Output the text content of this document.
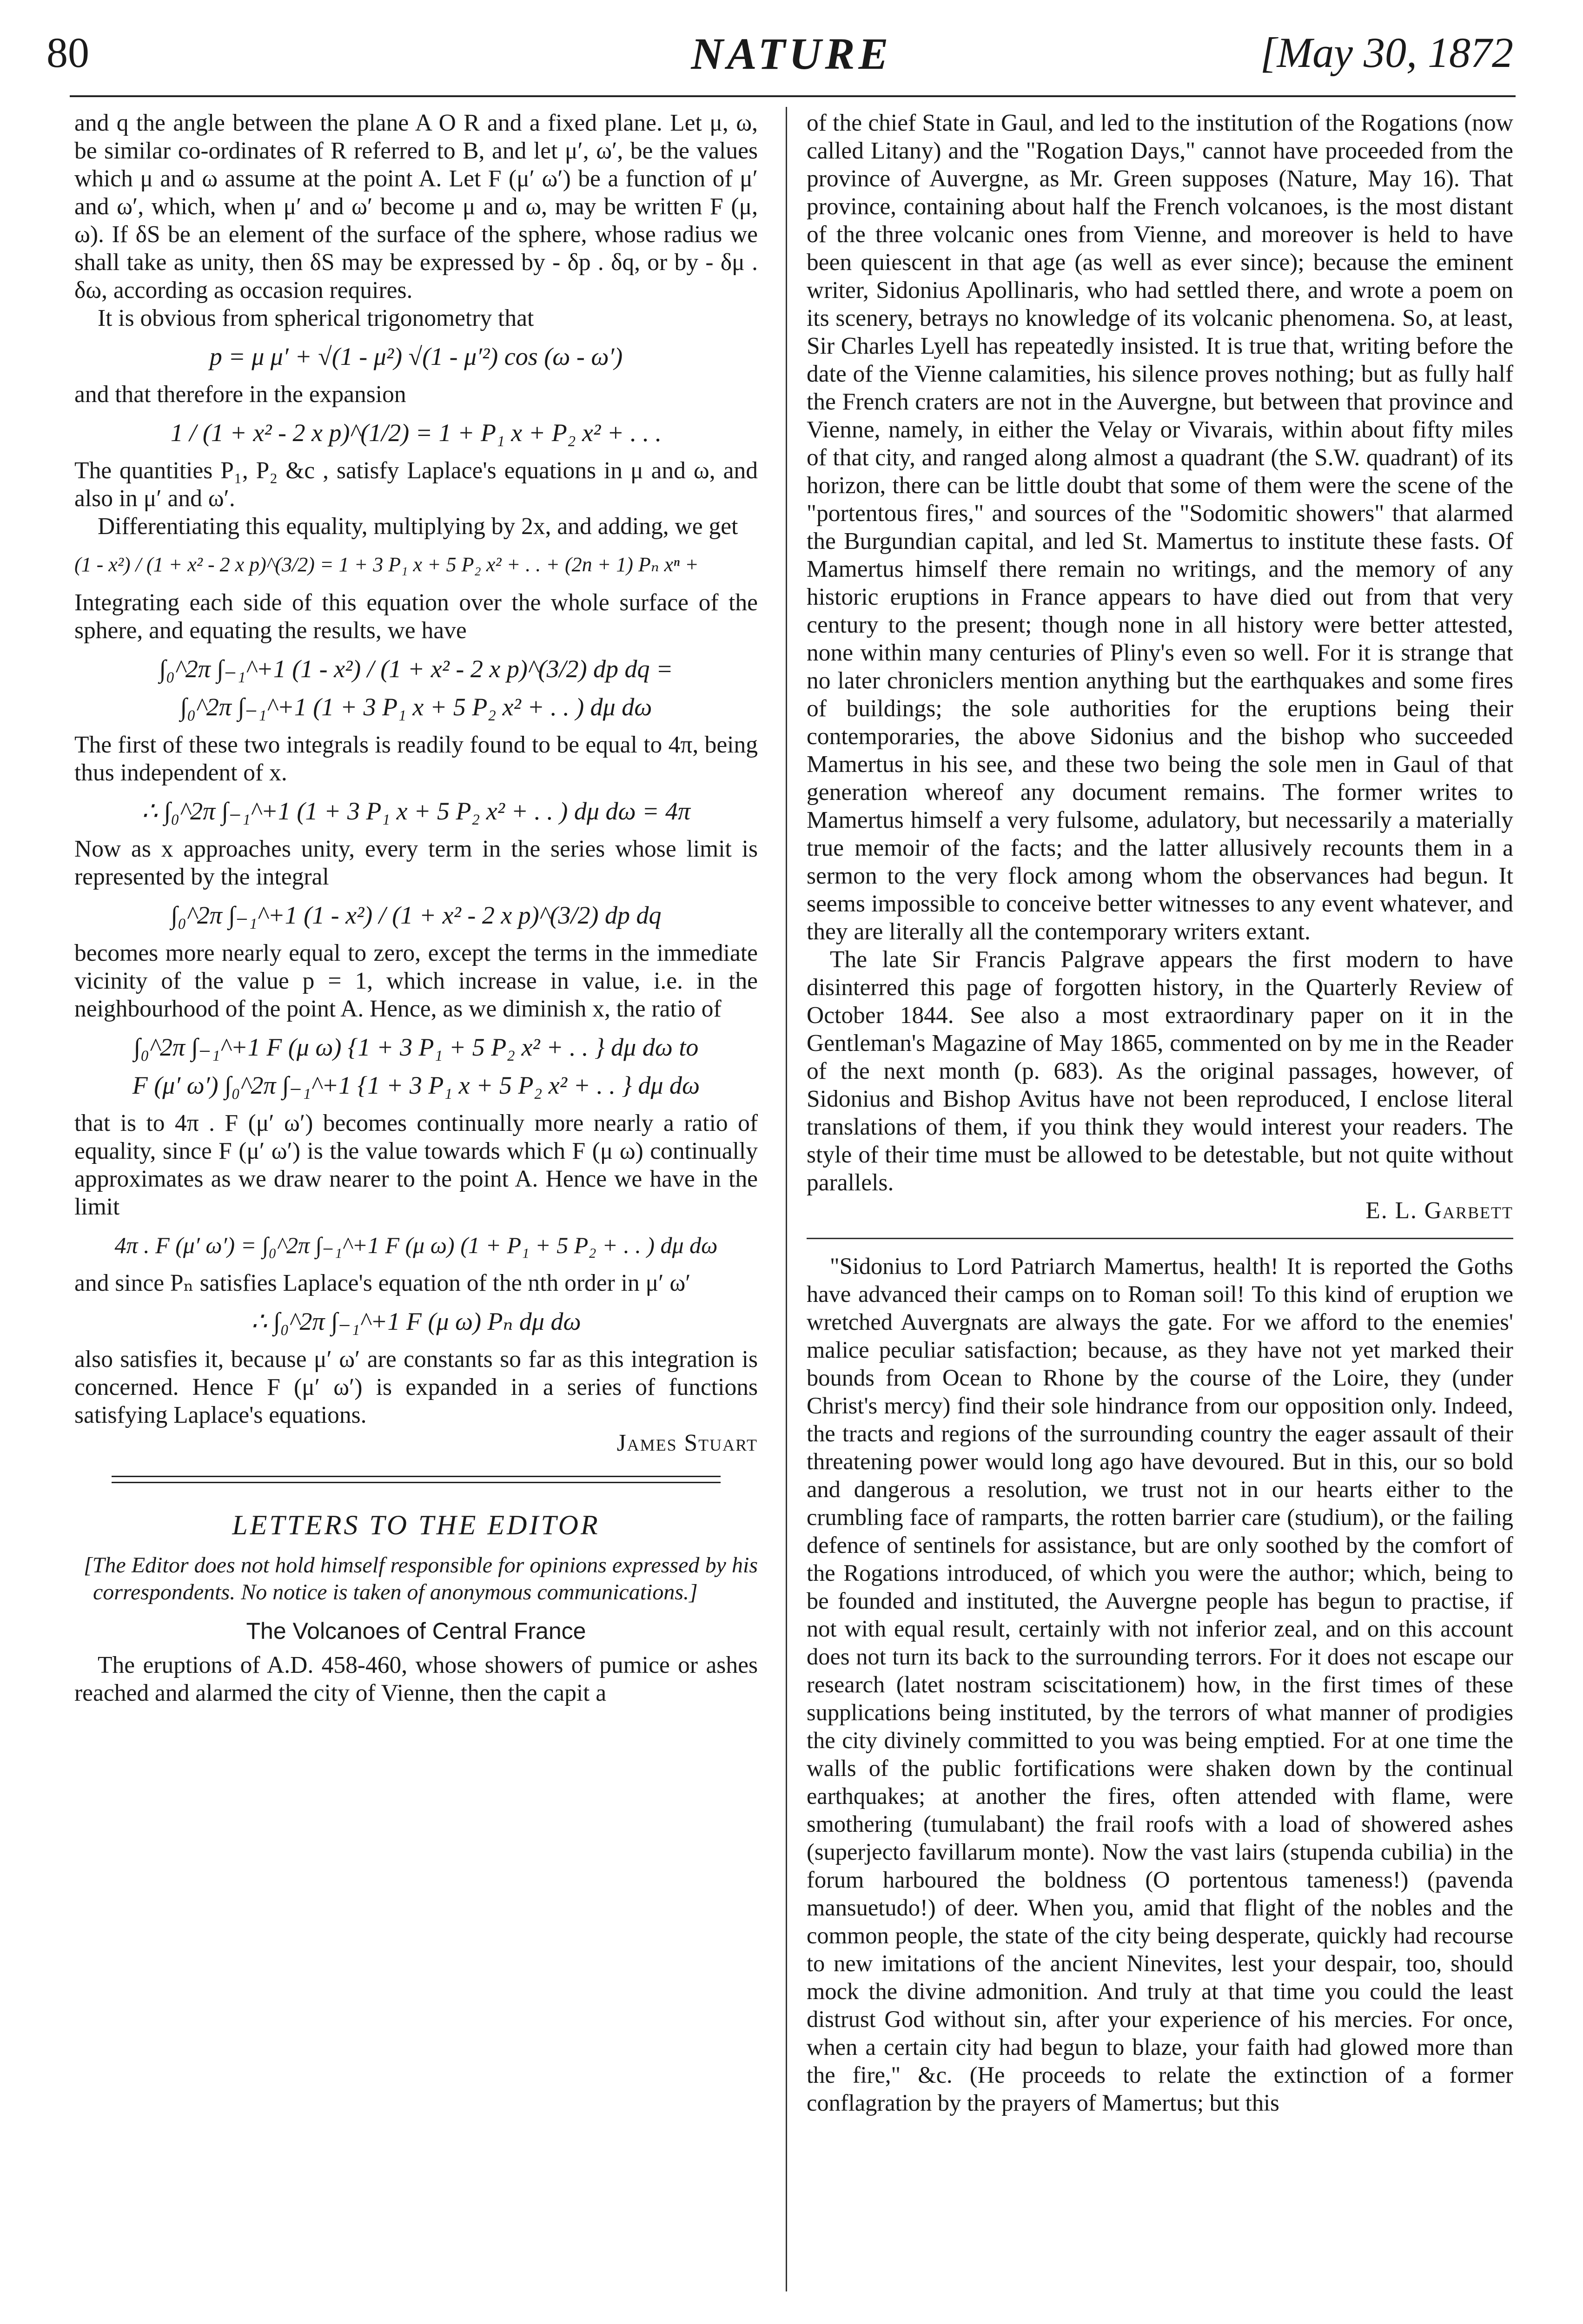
80	NATURE	[May 30, 1872

and q the angle between the plane A O R and a fixed plane. Let μ, ω, be similar co-ordinates of R referred to B, and let μ′, ω′, be the values which μ and ω assume at the point A. Let F (μ′ ω′) be a function of μ′ and ω′, which, when μ′ and ω′ become μ and ω, may be written F (μ, ω). If δS be an element of the surface of the sphere, whose radius we shall take as unity, then δS may be expressed by - δp . δq, or by - δμ . δω, according as occasion requires.

It is obvious from spherical trigonometry that

p = μ μ′ + √(1 - μ²) √(1 - μ′²) cos (ω - ω′)

and that therefore in the expansion

1 / (1 + x² - 2 x p)^(1/2) = 1 + P₁ x + P₂ x² + . . .

The quantities P₁, P₂ &c , satisfy Laplace's equations in μ and ω, and also in μ′ and ω′.

Differentiating this equality, multiplying by 2x, and adding, we get

(1 - x²) / (1 + x² - 2 x p)^(3/2) = 1 + 3 P₁ x + 5 P₂ x² + . . + (2n + 1) Pₙ xⁿ +

Integrating each side of this equation over the whole surface of the sphere, and equating the results, we have

∫₀^2π ∫₋₁^+1 (1 - x²) / (1 + x² - 2 x p)^(3/2) dp dq =
∫₀^2π ∫₋₁^+1 (1 + 3 P₁ x + 5 P₂ x² + . . ) dμ dω

The first of these two integrals is readily found to be equal to 4π, being thus independent of x.

∴ ∫₀^2π ∫₋₁^+1 (1 + 3 P₁ x + 5 P₂ x² + . . ) dμ dω = 4π

Now as x approaches unity, every term in the series whose limit is represented by the integral

∫₀^2π ∫₋₁^+1 (1 - x²) / (1 + x² - 2 x p)^(3/2) dp dq

becomes more nearly equal to zero, except the terms in the immediate vicinity of the value p = 1, which increase in value, i.e. in the neighbourhood of the point A. Hence, as we diminish x, the ratio of

∫₀^2π ∫₋₁^+1 F (μ ω) {1 + 3 P₁ + 5 P₂ x² + . . } dμ dω to
F (μ′ ω′) ∫₀^2π ∫₋₁^+1 {1 + 3 P₁ x + 5 P₂ x² + . . } dμ dω

that is to 4π . F (μ′ ω′) becomes continually more nearly a ratio of equality, since F (μ′ ω′) is the value towards which F (μ ω) continually approximates as we draw nearer to the point A. Hence we have in the limit

4π . F (μ′ ω′) = ∫₀^2π ∫₋₁^+1 F (μ ω) (1 + P₁ + 5 P₂ + . . ) dμ dω

and since Pₙ satisfies Laplace's equation of the nth order in μ′ ω′

∴ ∫₀^2π ∫₋₁^+1 F (μ ω) Pₙ dμ dω

also satisfies it, because μ′ ω′ are constants so far as this integration is concerned. Hence F (μ′ ω′) is expanded in a series of functions satisfying Laplace's equations.

James Stuart

LETTERS TO THE EDITOR

[The Editor does not hold himself responsible for opinions expressed by his correspondents. No notice is taken of anonymous communications.]

The Volcanoes of Central France

The eruptions of A.D. 458-460, whose showers of pumice or ashes reached and alarmed the city of Vienne, then the capit a

of the chief State in Gaul, and led to the institution of the Rogations (now called Litany) and the "Rogation Days," cannot have proceeded from the province of Auvergne, as Mr. Green supposes (Nature, May 16). That province, containing about half the French volcanoes, is the most distant of the three volcanic ones from Vienne, and moreover is held to have been quiescent in that age (as well as ever since); because the eminent writer, Sidonius Apollinaris, who had settled there, and wrote a poem on its scenery, betrays no knowledge of its volcanic phenomena. So, at least, Sir Charles Lyell has repeatedly insisted. It is true that, writing before the date of the Vienne calamities, his silence proves nothing; but as fully half the French craters are not in the Auvergne, but between that province and Vienne, namely, in either the Velay or Vivarais, within about fifty miles of that city, and ranged along almost a quadrant (the S.W. quadrant) of its horizon, there can be little doubt that some of them were the scene of the "portentous fires," and sources of the "Sodomitic showers" that alarmed the Burgundian capital, and led St. Mamertus to institute these fasts. Of Mamertus himself there remain no writings, and the memory of any historic eruptions in France appears to have died out from that very century to the present; though none in all history were better attested, none within many centuries of Pliny's even so well. For it is strange that no later chroniclers mention anything but the earthquakes and some fires of buildings; the sole authorities for the eruptions being their contemporaries, the above Sidonius and the bishop who succeeded Mamertus in his see, and these two being the sole men in Gaul of that generation whereof any document remains. The former writes to Mamertus himself a very fulsome, adulatory, but necessarily a materially true memoir of the facts; and the latter allusively recounts them in a sermon to the very flock among whom the observances had begun. It seems impossible to conceive better witnesses to any event whatever, and they are literally all the contemporary writers extant.

The late Sir Francis Palgrave appears the first modern to have disinterred this page of forgotten history, in the Quarterly Review of October 1844. See also a most extraordinary paper on it in the Gentleman's Magazine of May 1865, commented on by me in the Reader of the next month (p. 683). As the original passages, however, of Sidonius and Bishop Avitus have not been reproduced, I enclose literal translations of them, if you think they would interest your readers. The style of their time must be allowed to be detestable, but not quite without parallels.

E. L. Garbett

"Sidonius to Lord Patriarch Mamertus, health! It is reported the Goths have advanced their camps on to Roman soil! To this kind of eruption we wretched Auvergnats are always the gate. For we afford to the enemies' malice peculiar satisfaction; because, as they have not yet marked their bounds from Ocean to Rhone by the course of the Loire, they (under Christ's mercy) find their sole hindrance from our opposition only. Indeed, the tracts and regions of the surrounding country the eager assault of their threatening power would long ago have devoured. But in this, our so bold and dangerous a resolution, we trust not in our hearts either to the crumbling face of ramparts, the rotten barrier care (studium), or the failing defence of sentinels for assistance, but are only soothed by the comfort of the Rogations introduced, of which you were the author; which, being to be founded and instituted, the Auvergne people has begun to practise, if not with equal result, certainly with not inferior zeal, and on this account does not turn its back to the surrounding terrors. For it does not escape our research (latet nostram sciscitationem) how, in the first times of these supplications being instituted, by the terrors of what manner of prodigies the city divinely committed to you was being emptied. For at one time the walls of the public fortifications were shaken down by the continual earthquakes; at another the fires, often attended with flame, were smothering (tumulabant) the frail roofs with a load of showered ashes (superjecto favillarum monte). Now the vast lairs (stupenda cubilia) in the forum harboured the boldness (O portentous tameness!) (pavenda mansuetudo!) of deer. When you, amid that flight of the nobles and the common people, the state of the city being desperate, quickly had recourse to new imitations of the ancient Ninevites, lest your despair, too, should mock the divine admonition. And truly at that time you could the least distrust God without sin, after your experience of his mercies. For once, when a certain city had begun to blaze, your faith had glowed more than the fire," &c. (He proceeds to relate the extinction of a former conflagration by the prayers of Mamertus; but this
